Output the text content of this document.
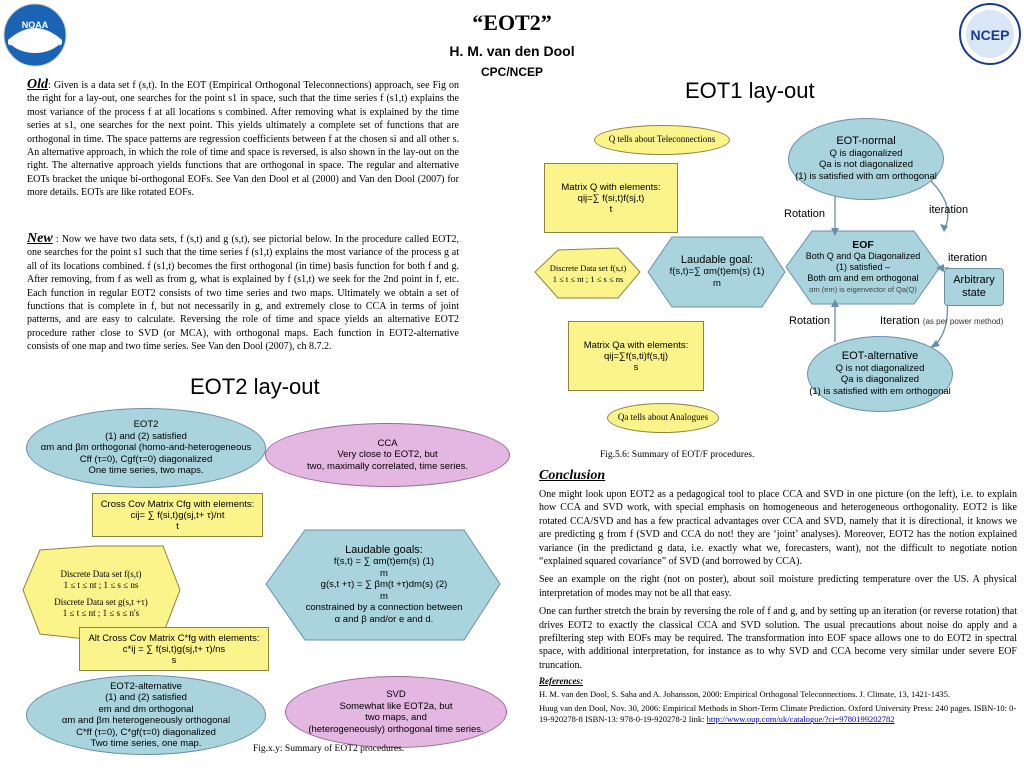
NOAA
NCEP
“EOT2”
H. M. van den Dool
CPC/NCEP
Old: Given is a data set f (s,t). In the EOT (Empirical Orthogonal Teleconnections) approach, see Fig on the right for a lay-out, one searches for the point s1 in space, such that the time series f (s1,t) explains the most variance of the process f at all locations s combined. After removing what is explained by the time series at s1, one searches for the next point. This yields ultimately a complete set of functions that are orthogonal in time. The space patterns are regression coefficients between f at the chosen si and all other s. An alternative approach, in which the role of time and space is reversed, is also shown in the lay-out on the right. The alternative approach yields functions that are orthogonal in space. The regular and alternative EOTs bracket the unique bi-orthogonal EOFs. See Van den Dool et al (2000) and Van den Dool (2007) for more details. EOTs are like rotated EOFs.
New : Now we have two data sets, f (s,t) and g (s,t), see pictorial below. In the procedure called EOT2, one searches for the point s1 such that the time series f (s1,t) explains the most variance of the process g at all of its locations combined. f (s1,t) becomes the first orthogonal (in time) basis function for both f and g. After removing, from f as well as from g, what is explained by f (s1,t) we seek for the 2nd point in f, etc. Each function in regular EOT2 consists of two time series and two maps. Ultimately we obtain a set of functions that is complete in f, but not necessarily in g, and extremely close to CCA in terms of joint patterns, and are easy to calculate. Reversing the role of time and space yields an alternative EOT2 procedure rather close to SVD (or MCA), with orthogonal maps. Each function in EOT2-alternative consists of one map and two time series. See Van den Dool (2007), ch 8.7.2.
EOT2 lay-out
EOT2
(1) and (2) satisfied
αm and βm orthogonal (homo-and-heterogeneous
Cff (τ=0), Cgf(τ=0) diagonalized
One time series, two maps.
CCA
Very close to EOT2, but
two, maximally correlated, time series.
Cross Cov Matrix Cfg with elements:
cij= ∑ f(si,t)g(sj,t+ τ)/nt
t
Discrete Data set f(s,t)
1 ≤ t ≤ nt ; 1 ≤ s ≤ ns
Discrete Data set g(s,t +τ)
1 ≤ t ≤ nt ; 1 ≤ s ≤ n's
Laudable goals:
f(s,t) = ∑ αm(t)em(s) (1)
m
g(s,t +τ) = ∑ βm(t +τ)dm(s) (2)
m
constrained by a connection between
α and β and/or e and d.
Alt Cross Cov Matrix C*fg with elements:
c*ij = ∑ f(si,t)g(sj,t+ τ)/ns
s
EOT2-alternative
(1) and (2) satisfied
em and dm orthogonal
αm and βm heterogeneously orthogonal
C*ff (τ=0), C*gf(τ=0) diagonalized
Two time series, one map.
SVD
Somewhat like EOT2a, but
two maps, and
(heterogeneously) orthogonal time series.
Fig.x.y: Summary of EOT2 procedures.
EOT1 lay-out
Q tells about Teleconnections
Matrix Q with elements:
qij=∑ f(si,t)f(sj,t)
t
Discrete Data set f(s,t)
1 ≤ t ≤ nt ; 1 ≤ s ≤ ns
Laudable goal:
f(s,t)=∑ αm(t)em(s) (1)
m
Matrix Qa with elements:
qij=∑f(s,ti)f(s,tj)
s
Qa tells about Analogues
EOT-normal
Q is diagonalized
Qa is not diagonalized
(1) is satisfied with αm orthogonal
EOF
Both Q and Qa Diagonalized
(1) satisfied –
Both αm and em orthogonal
αm (em) is eigenvector of Qa(Q)
Arbitrary
state
EOT-alternative
Q is not diagonalized
Qa is diagonalized
(1) is satisfied with em orthogonal
Rotation	iteration
iteration
Rotation	Iteration (as per power method)
Fig.5.6: Summary of EOT/F procedures.
Conclusion
One might look upon EOT2 as a pedagogical tool to place CCA and SVD in one picture (on the left), i.e. to explain how CCA and SVD work, with special emphasis on homogeneous and heterogeneous orthogonality. EOT2 is like rotated CCA/SVD and has a few practical advantages over CCA and SVD, namely that it is directional, it knows we are predicting g from f (SVD and CCA do not! they are ‘joint’ analyses). Moreover, EOT2 has the notion explained variance (in the predictand g data, i.e. exactly what we, forecasters, want), not the difficult to negotiate notion “explained squared covariance” of SVD (and borrowed by CCA).
See an example on the right (not on poster), about soil moisture predicting temperature over the US. A physical interpretation of modes may not be all that easy.
One can further stretch the brain by reversing the role of f and g, and by setting up an iteration (or reverse rotation) that drives EOT2 to exactly the classical CCA and SVD solution. The usual precautions about noise do apply and a prefiltering step with EOFs may be required. The transformation into EOF space allows one to do EOT2 in spectral space, with additional interpretation, for instance as to why SVD and CCA become very similar under severe EOF truncation.
References:
H. M. van den Dool, S. Saha and A. Johansson, 2000: Empirical Orthogonal Teleconnections. J. Climate, 13, 1421-1435.
Huug van den Dool, Nov. 30, 2006: Empirical Methods in Short-Term Climate Prediction. Oxford University Press: 240 pages. ISBN-10: 0-19-920278-8 ISBN-13: 978-0-19-920278-2 link: http://www.oup.com/uk/catalogue/?ci=9780199202782
